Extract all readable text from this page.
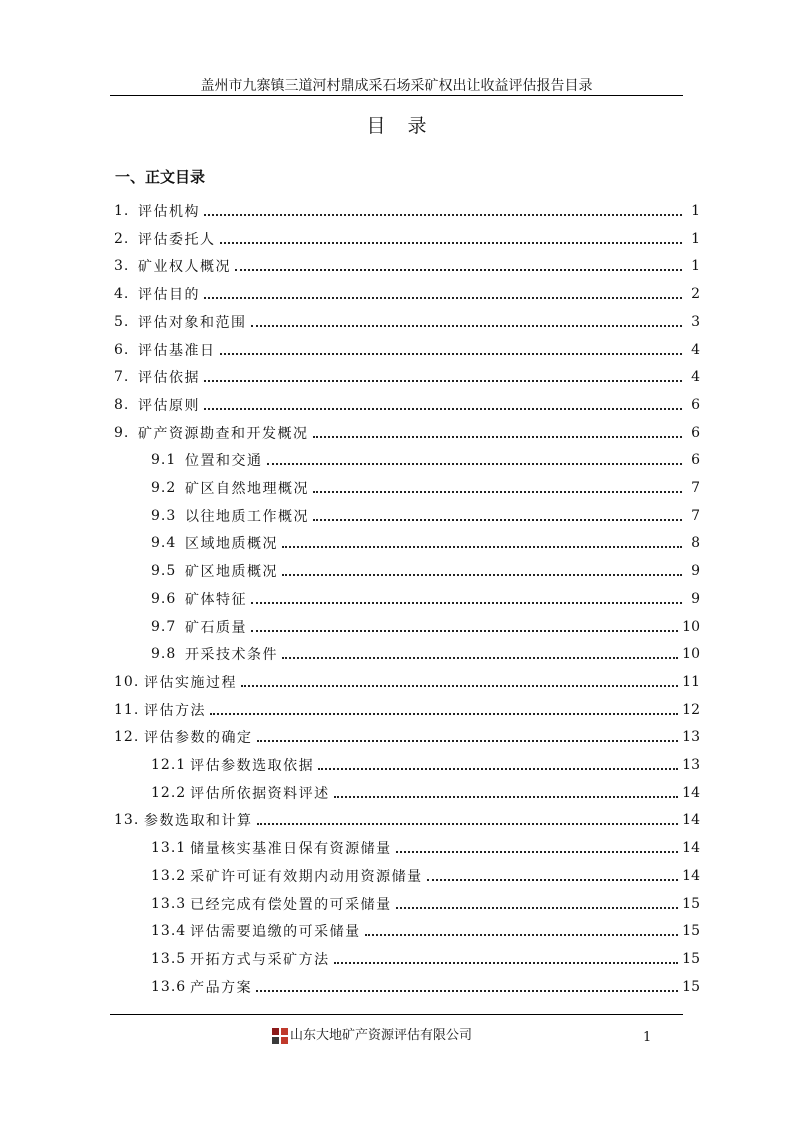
盖州市九寨镇三道河村鼎成采石场采矿权出让收益评估报告目录
目录
一、正文目录
1. 评估机构	1
2. 评估委托人	1
3. 矿业权人概况	1
4. 评估目的	2
5. 评估对象和范围	3
6. 评估基准日	4
7. 评估依据	4
8. 评估原则	6
9. 矿产资源勘查和开发概况	6
9.1 位置和交通	6
9.2 矿区自然地理概况	7
9.3 以往地质工作概况	7
9.4 区域地质概况	8
9.5 矿区地质概况	9
9.6 矿体特征	9
9.7 矿石质量	10
9.8 开采技术条件	10
10. 评估实施过程	11
11. 评估方法	12
12. 评估参数的确定	13
12.1 评估参数选取依据	13
12.2 评估所依据资料评述	14
13. 参数选取和计算	14
13.1 储量核实基准日保有资源储量	14
13.2 采矿许可证有效期内动用资源储量	14
13.3 已经完成有偿处置的可采储量	15
13.4 评估需要追缴的可采储量	15
13.5 开拓方式与采矿方法	15
13.6 产品方案	15
山东大地矿产资源评估有限公司	1
